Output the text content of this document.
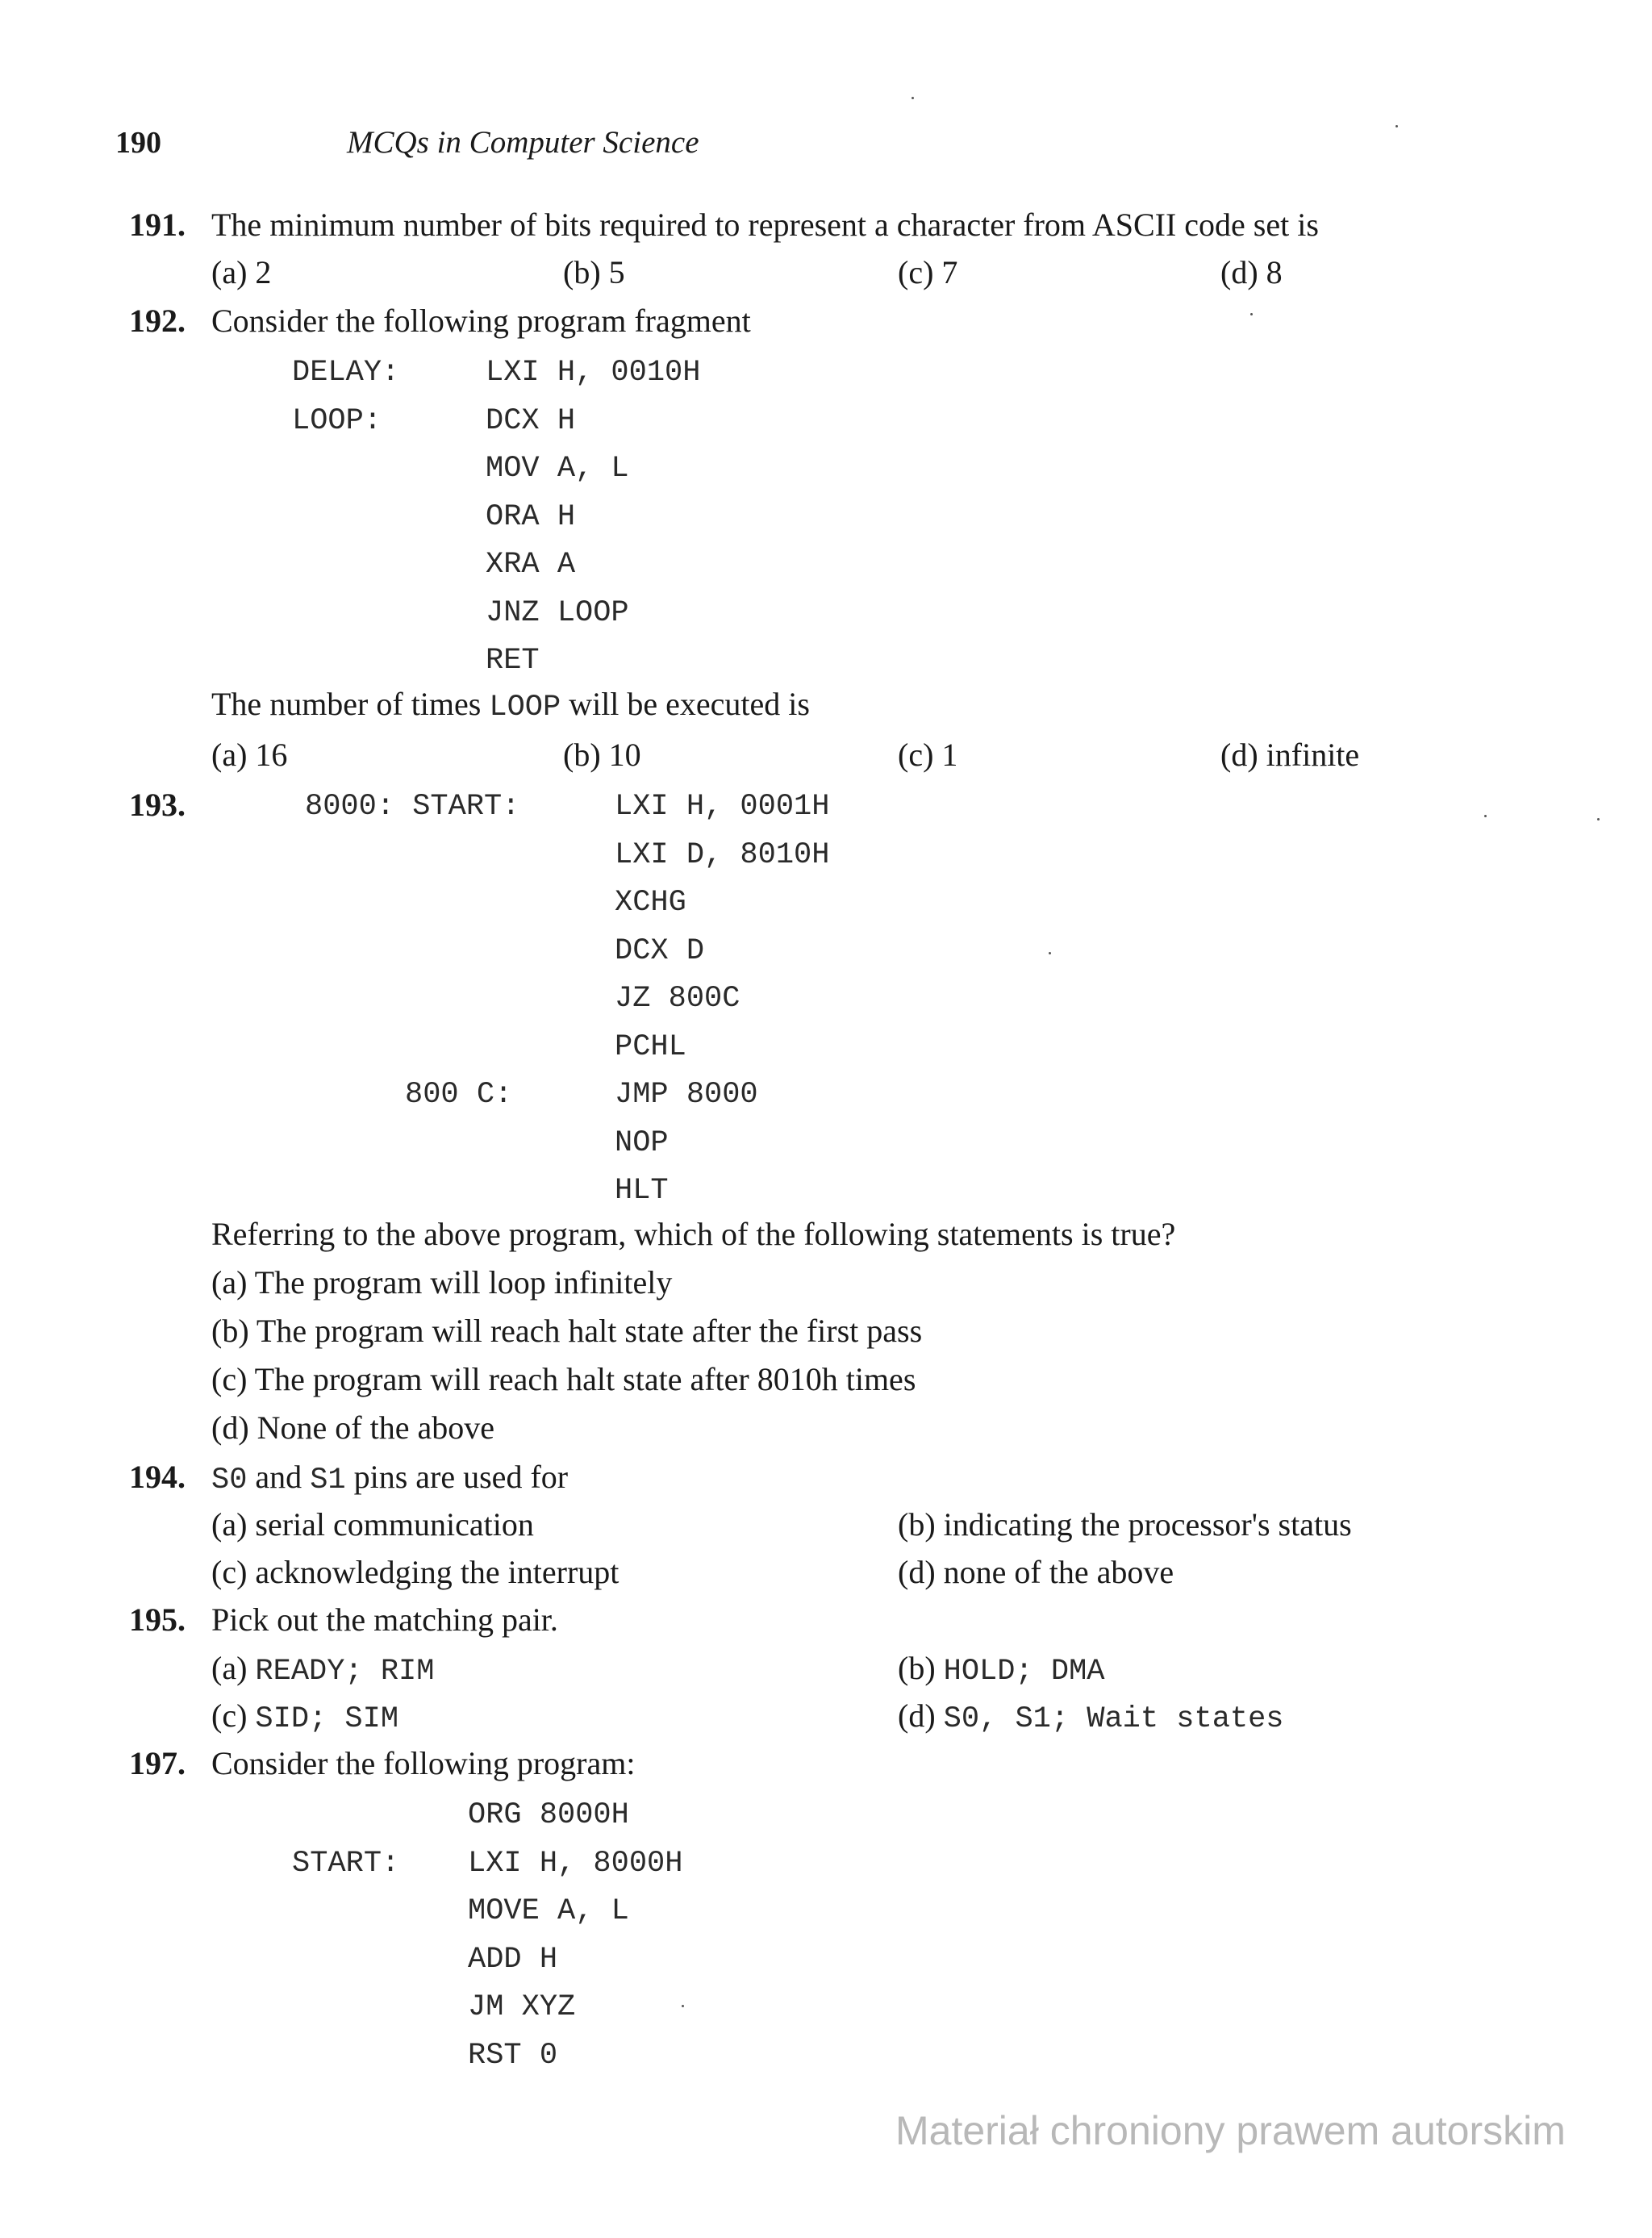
190	MCQs in Computer Science
191. The minimum number of bits required to represent a character from ASCII code set is
(a) 2	(b) 5	(c) 7	(d) 8
192. Consider the following program fragment
DELAY:	LXI H, 0010H
LOOP:	DCX H
MOV A, L
ORA H
XRA A
JNZ LOOP
RET
The number of times LOOP will be executed is
(a) 16	(b) 10	(c) 1	(d) infinite
193.	8000: START:	LXI H, 0001H
LXI D, 8010H
XCHG
DCX D
JZ 800C
PCHL
800 C:	JMP 8000
NOP
HLT
Referring to the above program, which of the following statements is true?
(a) The program will loop infinitely
(b) The program will reach halt state after the first pass
(c) The program will reach halt state after 8010h times
(d) None of the above
194. S0 and S1 pins are used for
(a) serial communication	(b) indicating the processor's status
(c) acknowledging the interrupt	(d) none of the above
195. Pick out the matching pair.
(a) READY; RIM	(b) HOLD; DMA
(c) SID; SIM	(d) S0, S1; Wait states
197. Consider the following program:
ORG 8000H
START: LXI H, 8000H
MOVE A, L
ADD H
JM XYZ
RST 0
Materiał chroniony prawem autorskim
